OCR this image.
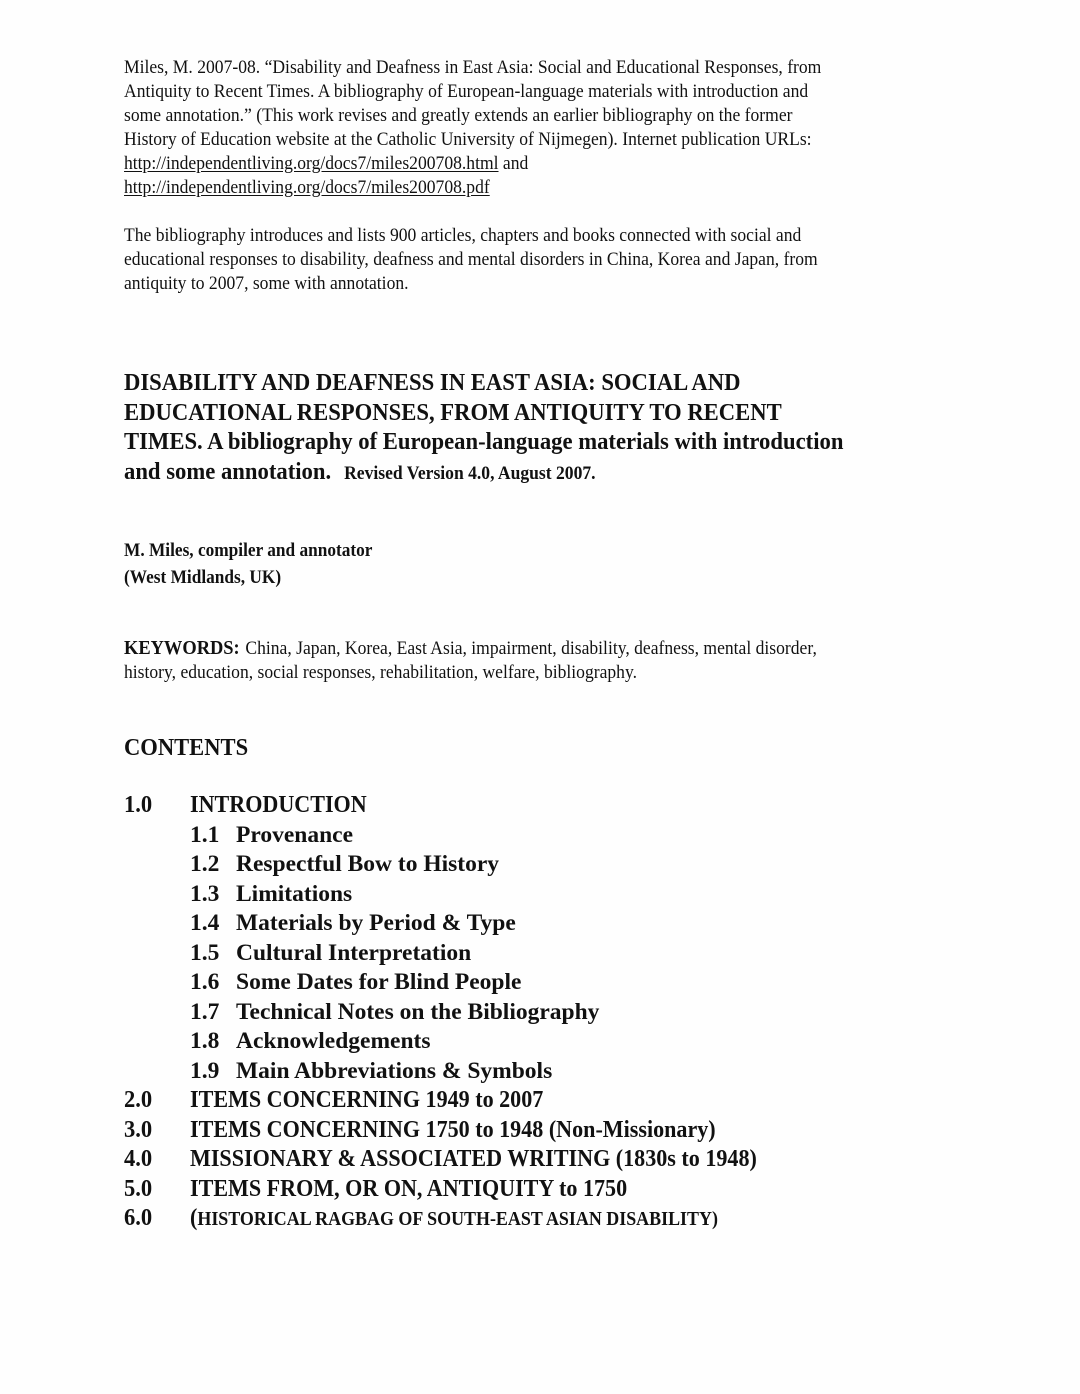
Miles, M. 2007-08. “Disability and Deafness in East Asia: Social and Educational Responses, from
Antiquity to Recent Times. A bibliography of European-language materials with introduction and
some annotation.” (This work revises and greatly extends an earlier bibliography on the former
History of Education website at the Catholic University of Nijmegen). Internet publication URLs:
http://independentliving.org/docs7/miles200708.html and
http://independentliving.org/docs7/miles200708.pdf
The bibliography introduces and lists 900 articles, chapters and books connected with social and
educational responses to disability, deafness and mental disorders in China, Korea and Japan, from
antiquity to 2007, some with annotation.
DISABILITY AND DEAFNESS IN EAST ASIA: SOCIAL AND
EDUCATIONAL RESPONSES, FROM ANTIQUITY TO RECENT
TIMES. A bibliography of European-language materials with introduction
and some annotation. Revised Version 4.0, August 2007.
M. Miles, compiler and annotator
(West Midlands, UK)
KEYWORDS: China, Japan, Korea, East Asia, impairment, disability, deafness, mental disorder,
history, education, social responses, rehabilitation, welfare, bibliography.
CONTENTS
1.0 INTRODUCTION
1.1 Provenance
1.2 Respectful Bow to History
1.3 Limitations
1.4 Materials by Period & Type
1.5 Cultural Interpretation
1.6 Some Dates for Blind People
1.7 Technical Notes on the Bibliography
1.8 Acknowledgements
1.9 Main Abbreviations & Symbols
2.0 ITEMS CONCERNING 1949 to 2007
3.0 ITEMS CONCERNING 1750 to 1948 (Non-Missionary)
4.0 MISSIONARY & ASSOCIATED WRITING (1830s to 1948)
5.0 ITEMS FROM, OR ON, ANTIQUITY to 1750
6.0 (HISTORICAL RAGBAG OF SOUTH-EAST ASIAN DISABILITY)
